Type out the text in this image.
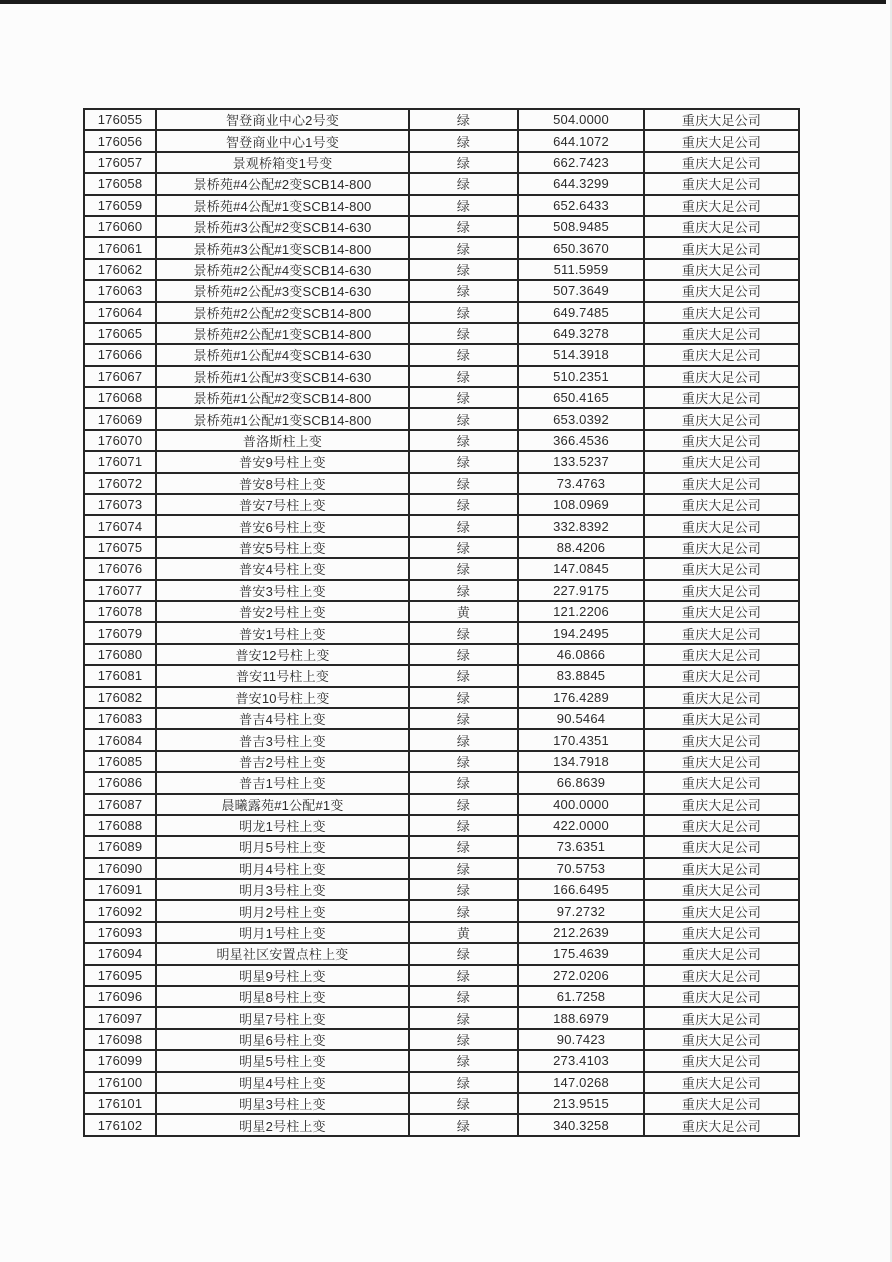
176055	智登商业中心2号变	绿	504.0000	重庆大足公司
176056	智登商业中心1号变	绿	644.1072	重庆大足公司
176057	景观桥箱变1号变	绿	662.7423	重庆大足公司
176058	景桥苑#4公配#2变SCB14-800	绿	644.3299	重庆大足公司
176059	景桥苑#4公配#1变SCB14-800	绿	652.6433	重庆大足公司
176060	景桥苑#3公配#2变SCB14-630	绿	508.9485	重庆大足公司
176061	景桥苑#3公配#1变SCB14-800	绿	650.3670	重庆大足公司
176062	景桥苑#2公配#4变SCB14-630	绿	511.5959	重庆大足公司
176063	景桥苑#2公配#3变SCB14-630	绿	507.3649	重庆大足公司
176064	景桥苑#2公配#2变SCB14-800	绿	649.7485	重庆大足公司
176065	景桥苑#2公配#1变SCB14-800	绿	649.3278	重庆大足公司
176066	景桥苑#1公配#4变SCB14-630	绿	514.3918	重庆大足公司
176067	景桥苑#1公配#3变SCB14-630	绿	510.2351	重庆大足公司
176068	景桥苑#1公配#2变SCB14-800	绿	650.4165	重庆大足公司
176069	景桥苑#1公配#1变SCB14-800	绿	653.0392	重庆大足公司
176070	普洛斯柱上变	绿	366.4536	重庆大足公司
176071	普安9号柱上变	绿	133.5237	重庆大足公司
176072	普安8号柱上变	绿	73.4763	重庆大足公司
176073	普安7号柱上变	绿	108.0969	重庆大足公司
176074	普安6号柱上变	绿	332.8392	重庆大足公司
176075	普安5号柱上变	绿	88.4206	重庆大足公司
176076	普安4号柱上变	绿	147.0845	重庆大足公司
176077	普安3号柱上变	绿	227.9175	重庆大足公司
176078	普安2号柱上变	黄	121.2206	重庆大足公司
176079	普安1号柱上变	绿	194.2495	重庆大足公司
176080	普安12号柱上变	绿	46.0866	重庆大足公司
176081	普安11号柱上变	绿	83.8845	重庆大足公司
176082	普安10号柱上变	绿	176.4289	重庆大足公司
176083	普吉4号柱上变	绿	90.5464	重庆大足公司
176084	普吉3号柱上变	绿	170.4351	重庆大足公司
176085	普吉2号柱上变	绿	134.7918	重庆大足公司
176086	普吉1号柱上变	绿	66.8639	重庆大足公司
176087	晨曦露苑#1公配#1变	绿	400.0000	重庆大足公司
176088	明龙1号柱上变	绿	422.0000	重庆大足公司
176089	明月5号柱上变	绿	73.6351	重庆大足公司
176090	明月4号柱上变	绿	70.5753	重庆大足公司
176091	明月3号柱上变	绿	166.6495	重庆大足公司
176092	明月2号柱上变	绿	97.2732	重庆大足公司
176093	明月1号柱上变	黄	212.2639	重庆大足公司
176094	明星社区安置点柱上变	绿	175.4639	重庆大足公司
176095	明星9号柱上变	绿	272.0206	重庆大足公司
176096	明星8号柱上变	绿	61.7258	重庆大足公司
176097	明星7号柱上变	绿	188.6979	重庆大足公司
176098	明星6号柱上变	绿	90.7423	重庆大足公司
176099	明星5号柱上变	绿	273.4103	重庆大足公司
176100	明星4号柱上变	绿	147.0268	重庆大足公司
176101	明星3号柱上变	绿	213.9515	重庆大足公司
176102	明星2号柱上变	绿	340.3258	重庆大足公司
